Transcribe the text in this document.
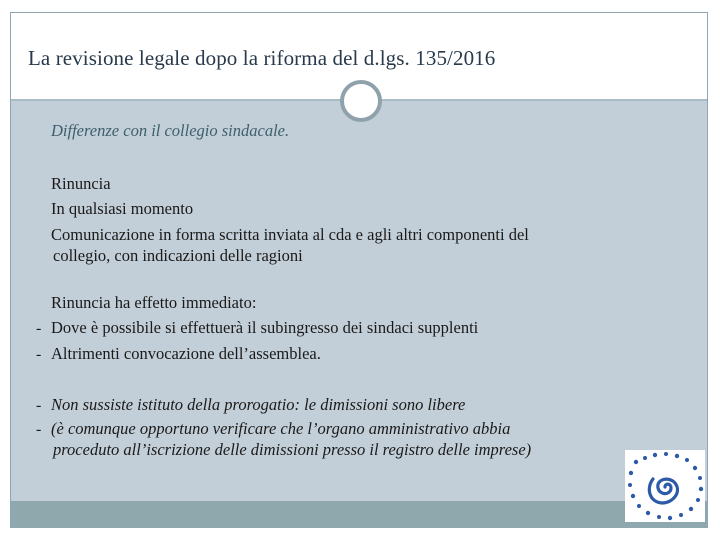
La revisione legale dopo la riforma del d.lgs. 135/2016
Differenze con il collegio sindacale.
Rinuncia
In qualsiasi momento
Comunicazione in forma scritta inviata al cda e agli altri componenti del
collegio, con indicazioni delle ragioni
Rinuncia ha effetto immediato:
- Dove è possibile si effettuerà il subingresso dei sindaci supplenti
- Altrimenti convocazione dell’assemblea.
- Non sussiste istituto della prorogatio: le dimissioni sono libere
- (è comunque opportuno verificare che l’organo amministrativo abbia
proceduto all’iscrizione delle dimissioni presso il registro delle imprese)
